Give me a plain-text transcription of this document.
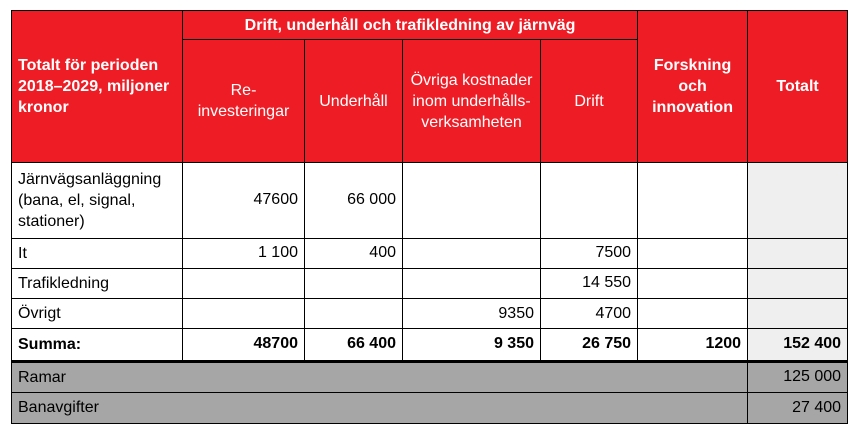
Totalt för perioden 2018–2029, miljoner kronor	Drift, underhåll och trafikledning av järnväg				Forskning och innovation	Totalt
	Re-investeringar	Underhåll	Övriga kostnader inom underhålls-verksamheten	Drift		
Järnvägsanläggning (bana, el, signal, stationer)	47600	66 000				
It	1 100	400		7500		
Trafikledning				14 550		
Övrigt			9350	4700		
Summa:	48700	66 400	9 350	26 750	1200	152 400
Ramar						125 000
Banavgifter						27 400
